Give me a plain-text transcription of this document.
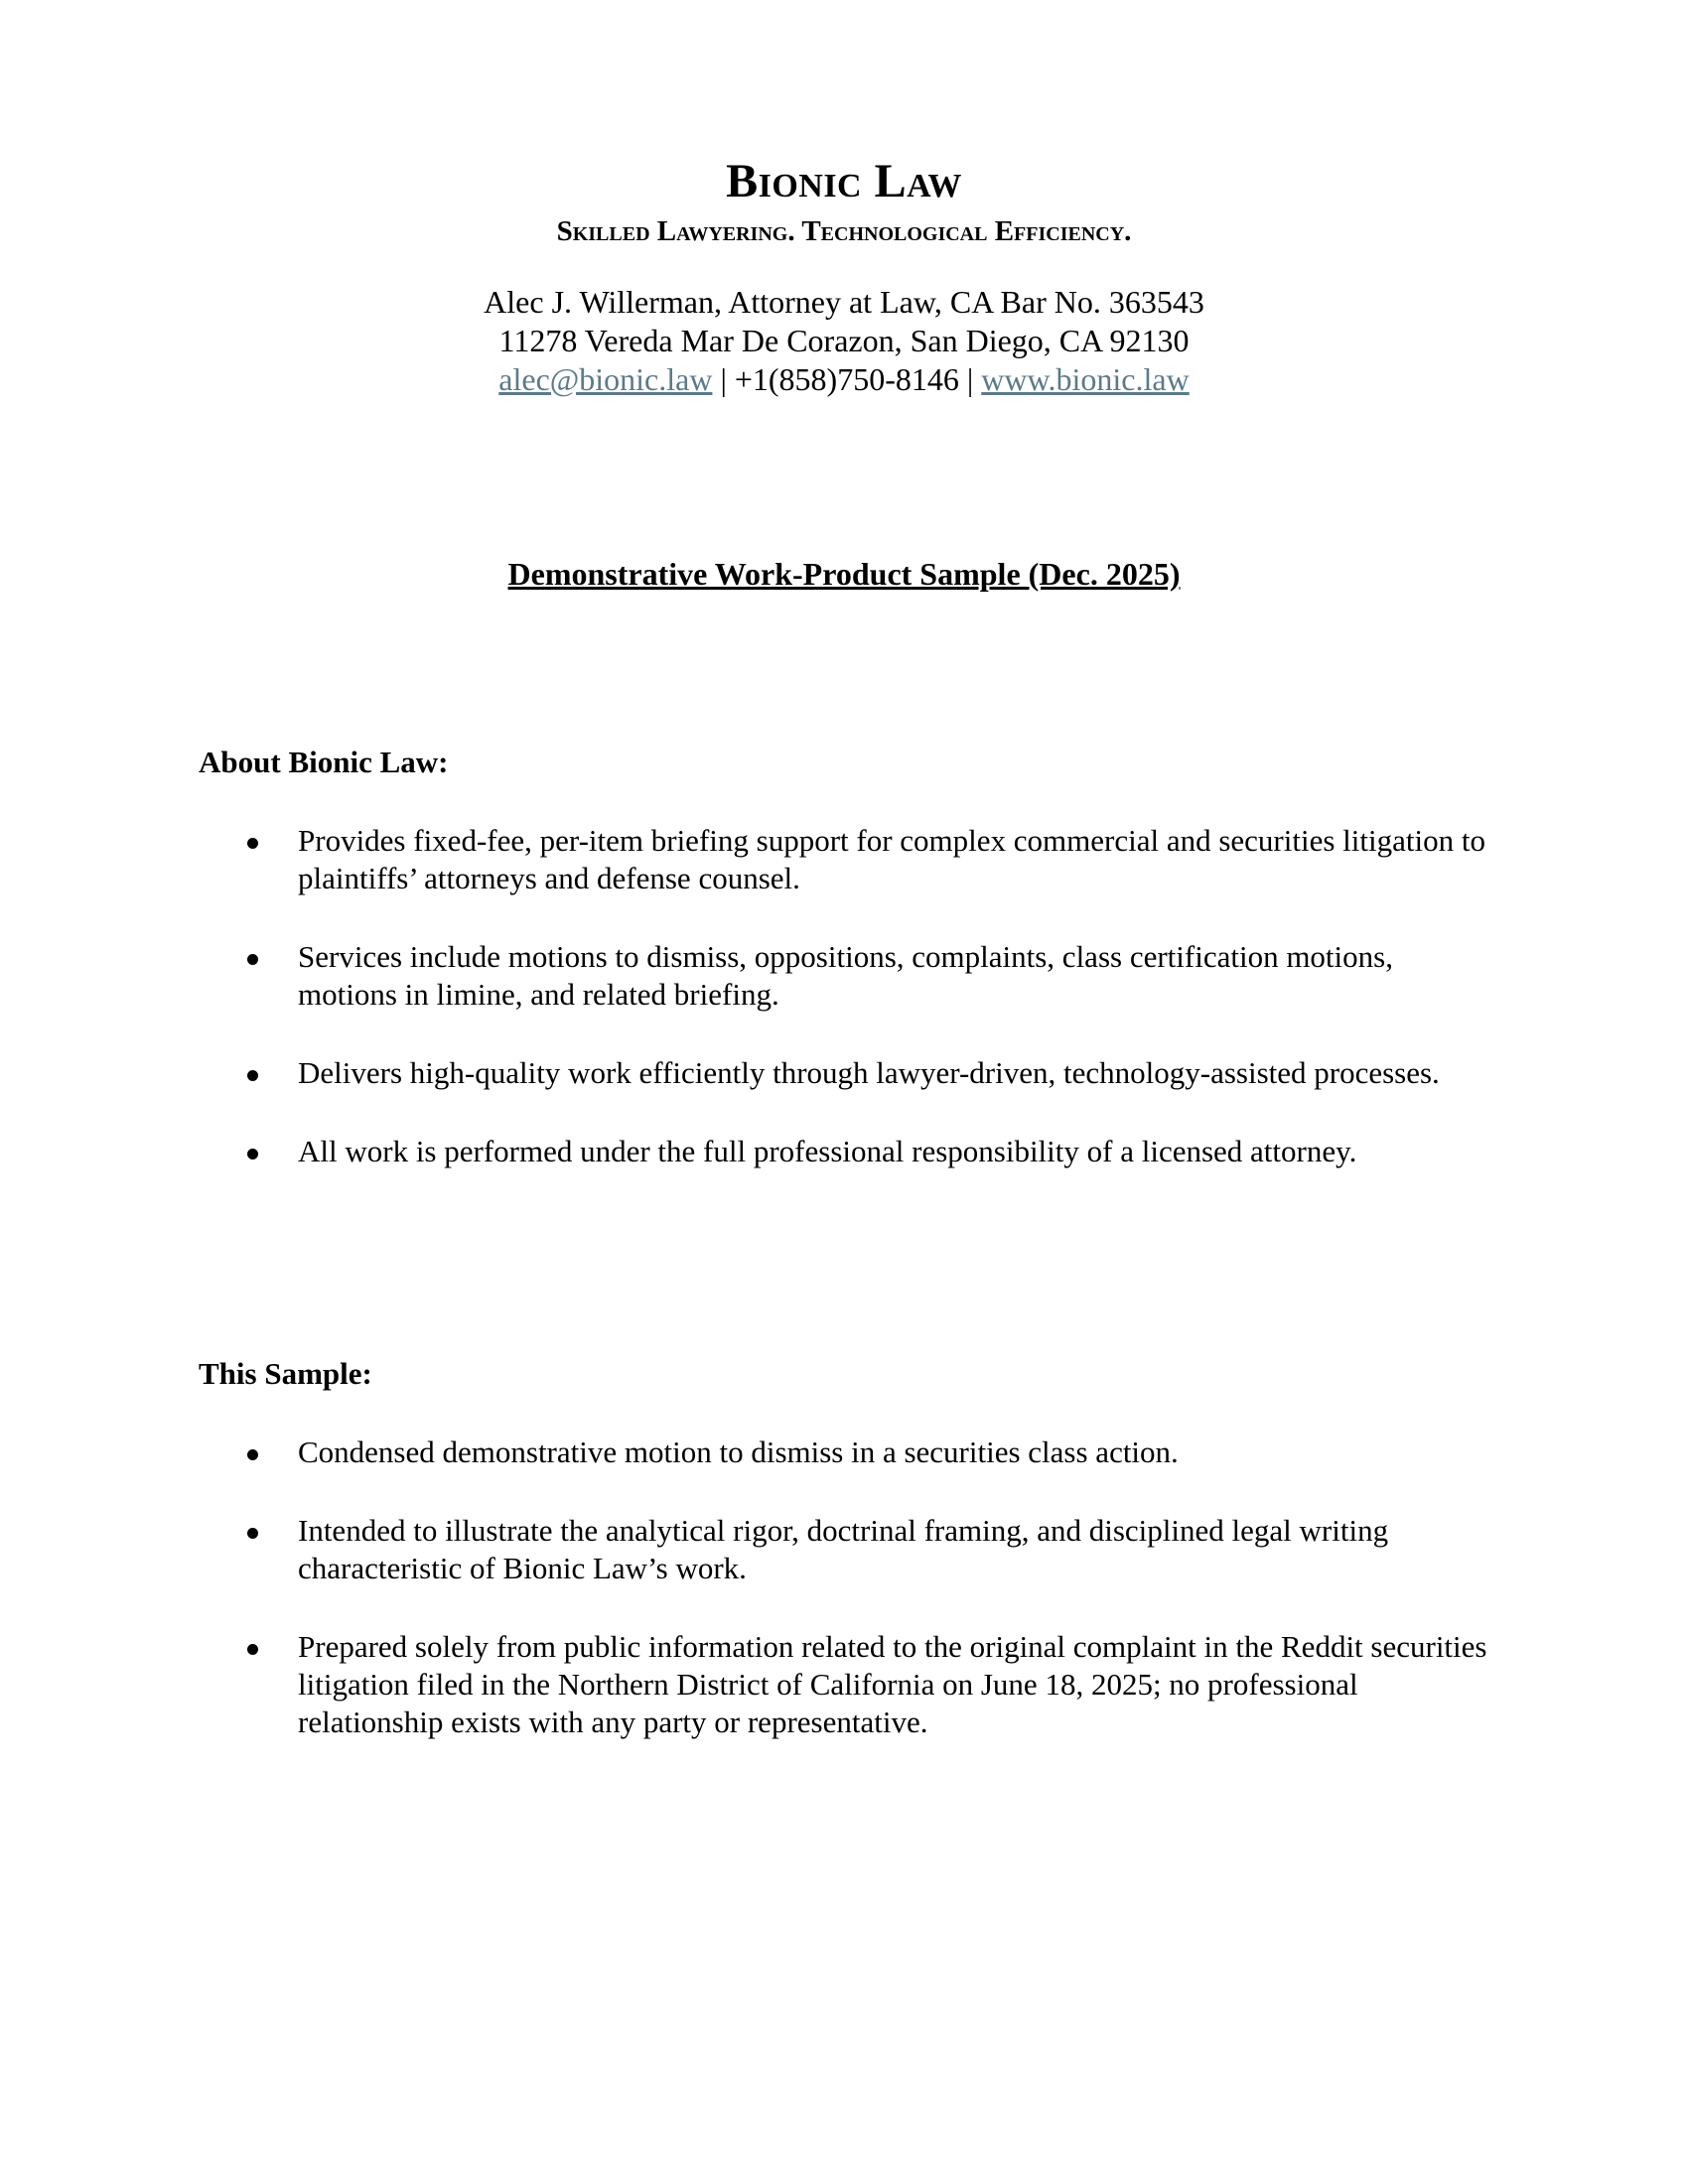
Bionic Law
Skilled Lawyering. Technological Efficiency.
Alec J. Willerman, Attorney at Law, CA Bar No. 363543
11278 Vereda Mar De Corazon, San Diego, CA 92130
alec@bionic.law | +1(858)750-8146 | www.bionic.law
Demonstrative Work-Product Sample (Dec. 2025)
About Bionic Law:
Provides fixed-fee, per-item briefing support for complex commercial and securities litigation to plaintiffs’ attorneys and defense counsel.
Services include motions to dismiss, oppositions, complaints, class certification motions, motions in limine, and related briefing.
Delivers high-quality work efficiently through lawyer-driven, technology-assisted processes.
All work is performed under the full professional responsibility of a licensed attorney.
This Sample:
Condensed demonstrative motion to dismiss in a securities class action.
Intended to illustrate the analytical rigor, doctrinal framing, and disciplined legal writing characteristic of Bionic Law’s work.
Prepared solely from public information related to the original complaint in the Reddit securities litigation filed in the Northern District of California on June 18, 2025; no professional relationship exists with any party or representative.
